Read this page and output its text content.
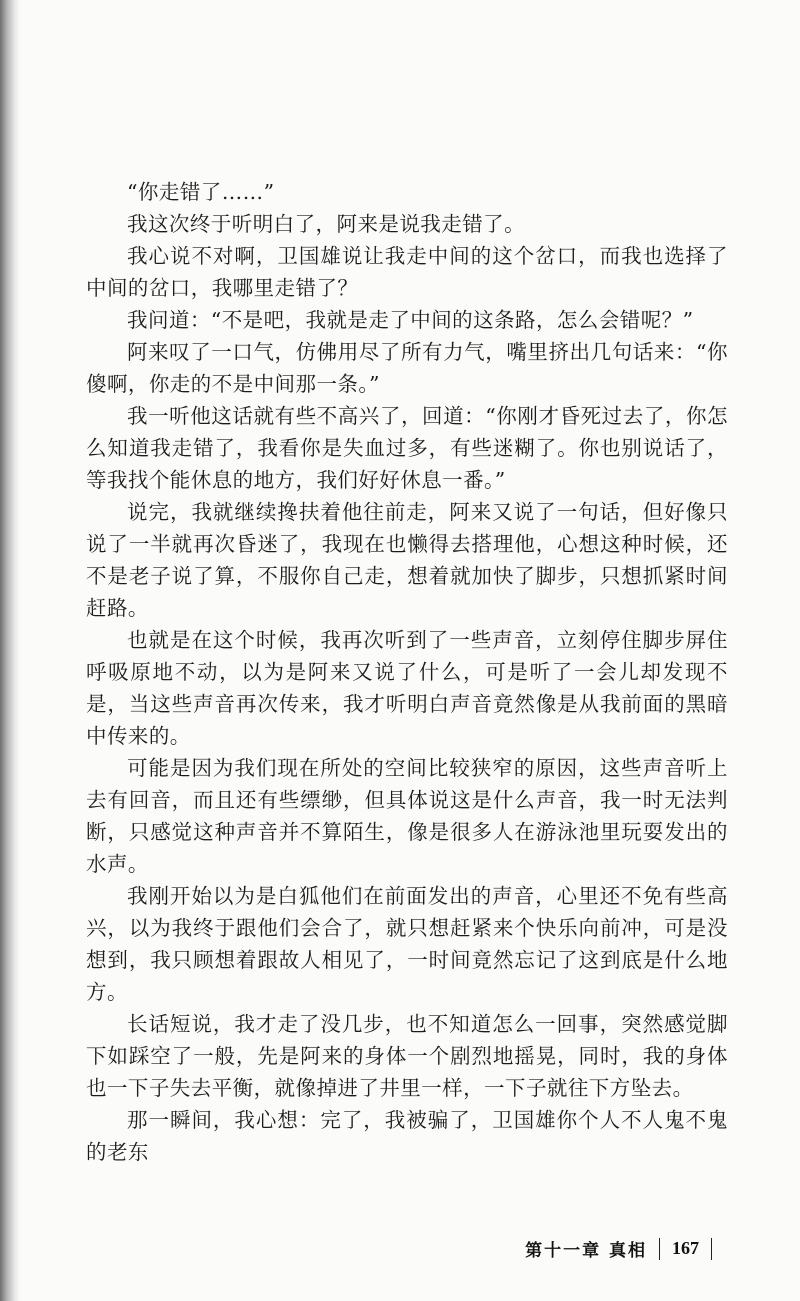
“你走错了……”

我这次终于听明白了，阿来是说我走错了。

我心说不对啊，卫国雄说让我走中间的这个岔口，而我也选择了中间的岔口，我哪里走错了？

我问道：“不是吧，我就是走了中间的这条路，怎么会错呢？”

阿来叹了一口气，仿佛用尽了所有力气，嘴里挤出几句话来：“你傻啊，你走的不是中间那一条。”

我一听他这话就有些不高兴了，回道：“你刚才昏死过去了，你怎么知道我走错了，我看你是失血过多，有些迷糊了。你也别说话了，等我找个能休息的地方，我们好好休息一番。”

说完，我就继续搀扶着他往前走，阿来又说了一句话，但好像只说了一半就再次昏迷了，我现在也懒得去搭理他，心想这种时候，还不是老子说了算，不服你自己走，想着就加快了脚步，只想抓紧时间赶路。

也就是在这个时候，我再次听到了一些声音，立刻停住脚步屏住呼吸原地不动，以为是阿来又说了什么，可是听了一会儿却发现不是，当这些声音再次传来，我才听明白声音竟然像是从我前面的黑暗中传来的。

可能是因为我们现在所处的空间比较狭窄的原因，这些声音听上去有回音，而且还有些缥缈，但具体说这是什么声音，我一时无法判断，只感觉这种声音并不算陌生，像是很多人在游泳池里玩耍发出的水声。

我刚开始以为是白狐他们在前面发出的声音，心里还不免有些高兴，以为我终于跟他们会合了，就只想赶紧来个快乐向前冲，可是没想到，我只顾想着跟故人相见了，一时间竟然忘记了这到底是什么地方。

长话短说，我才走了没几步，也不知道怎么一回事，突然感觉脚下如踩空了一般，先是阿来的身体一个剧烈地摇晃，同时，我的身体也一下子失去平衡，就像掉进了井里一样，一下子就往下方坠去。

那一瞬间，我心想：完了，我被骗了，卫国雄你个人不人鬼不鬼的老东

第十一章 真相 167
